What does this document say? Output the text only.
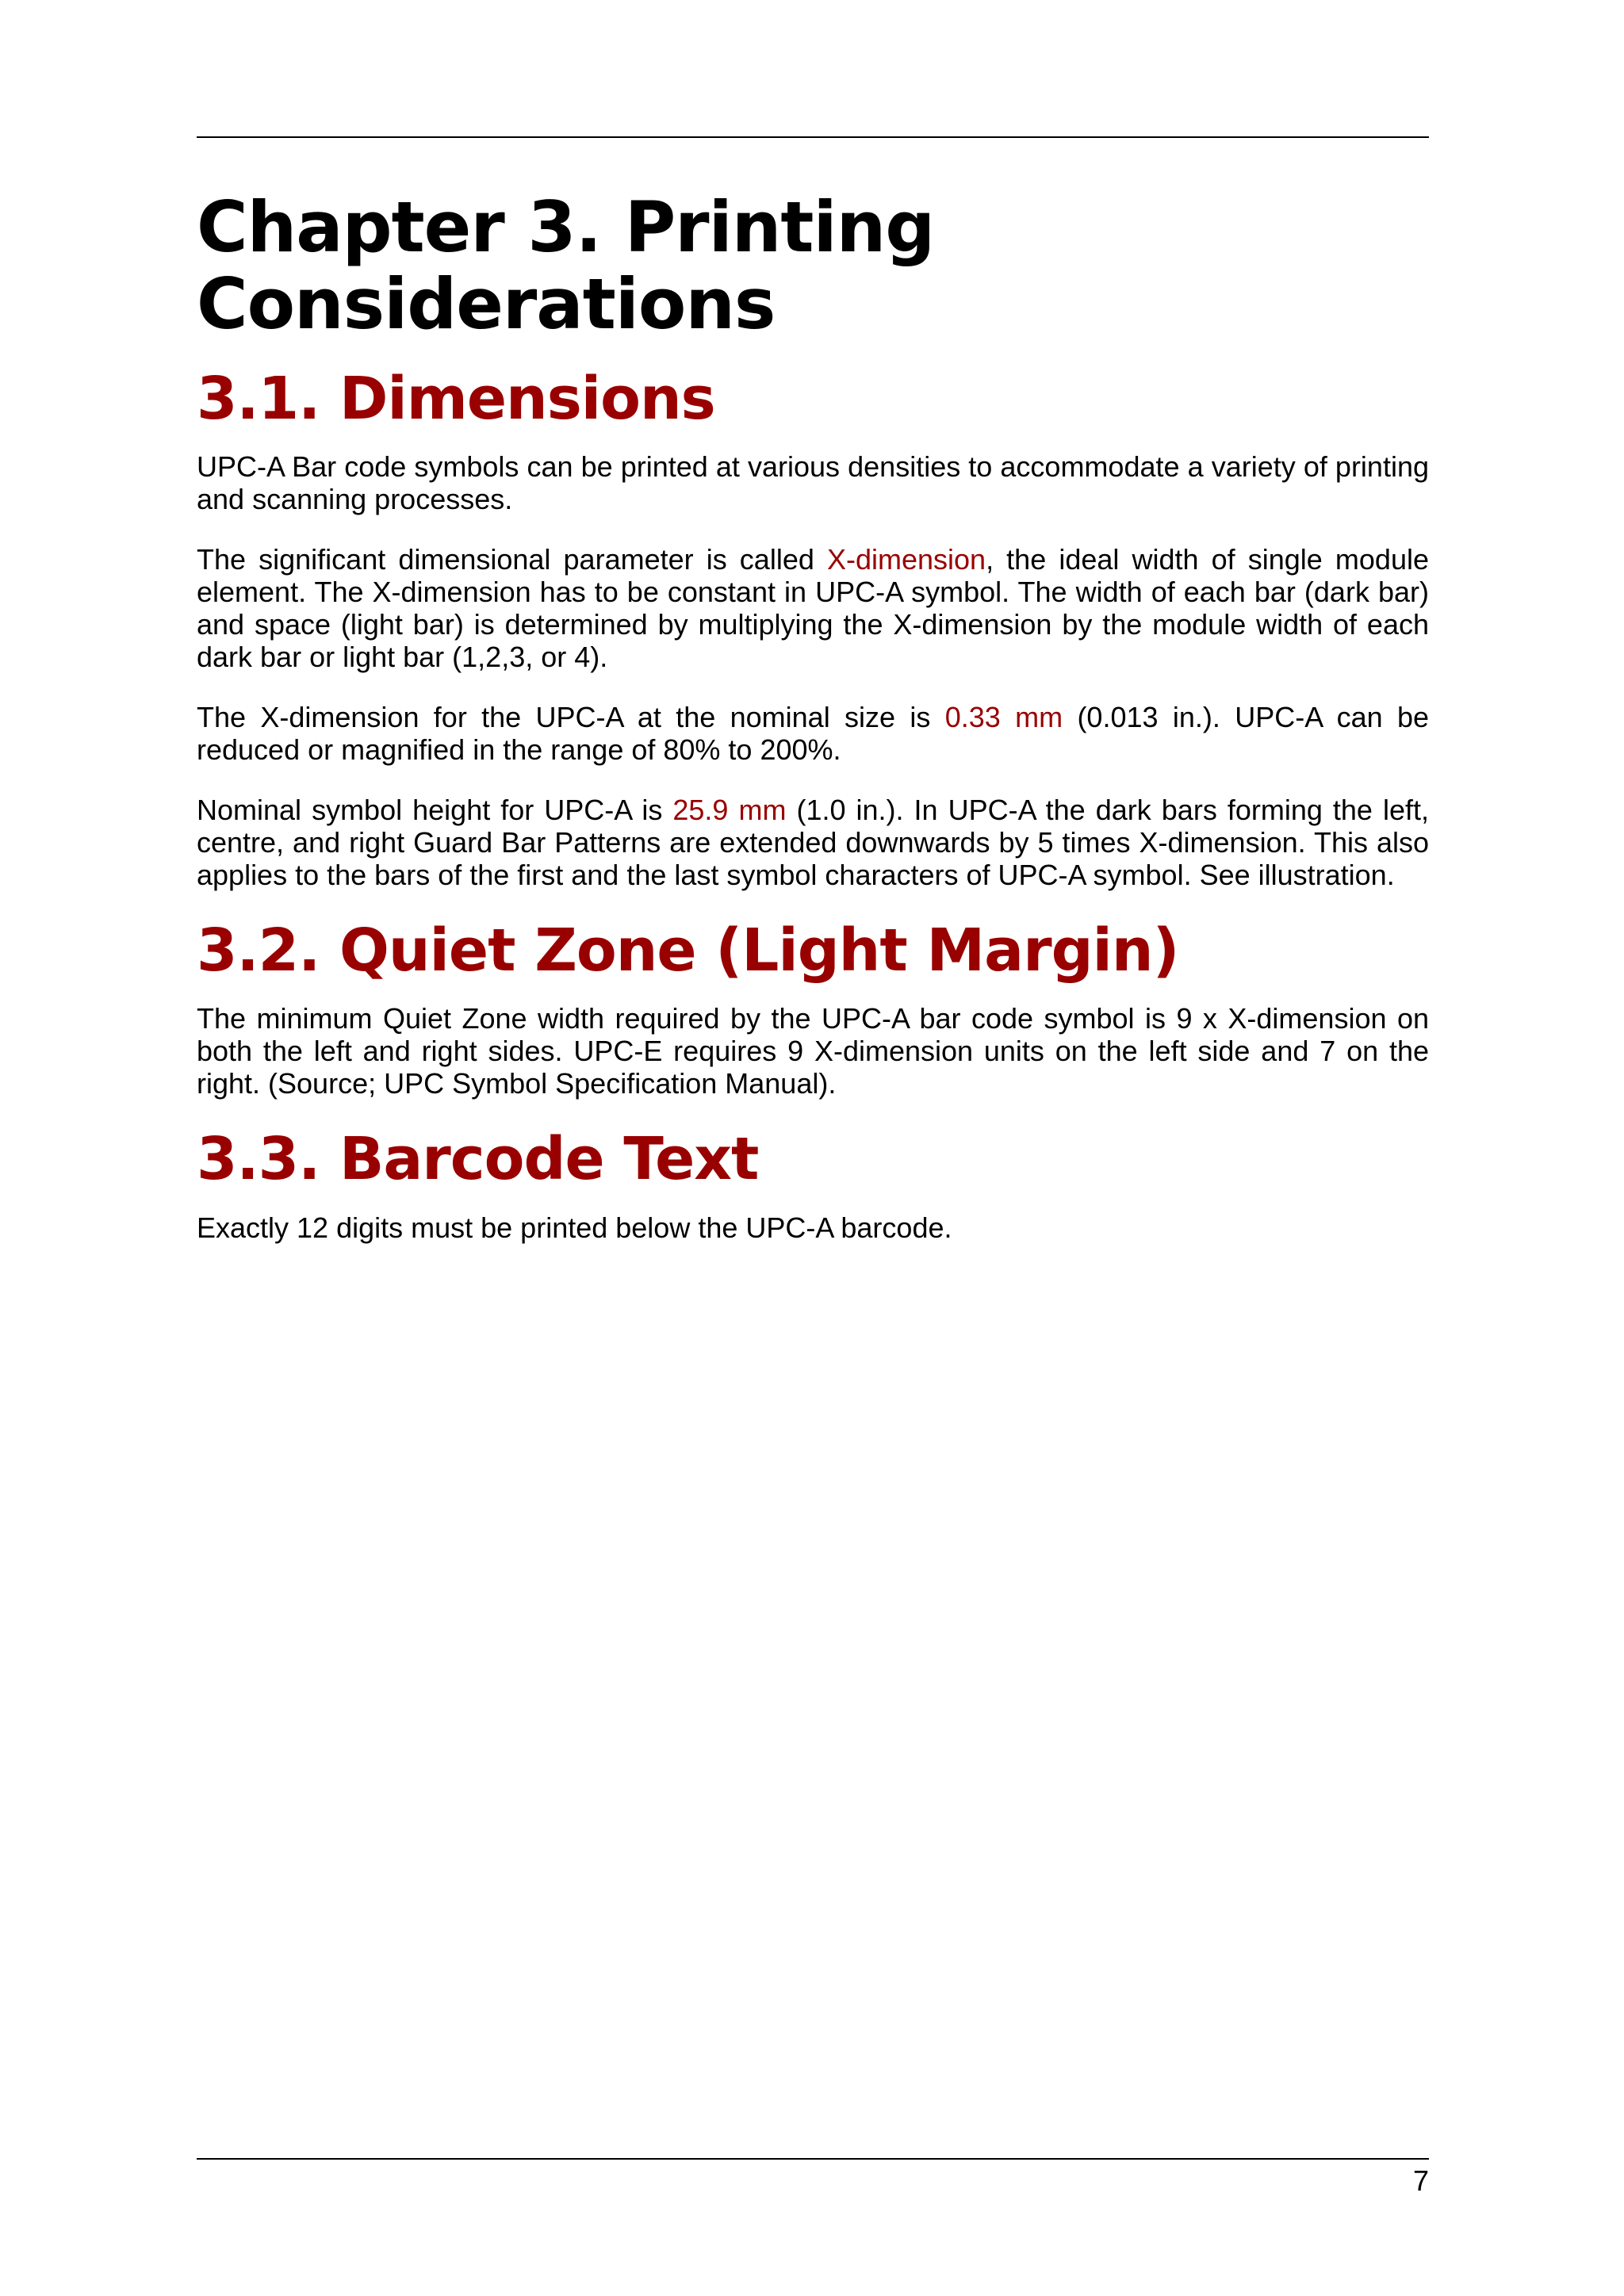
Chapter 3. Printing Considerations
3.1. Dimensions

UPC-A Bar code symbols can be printed at various densities to accommodate a variety of printing and scanning processes.

The significant dimensional parameter is called X-dimension, the ideal width of single module element. The X-dimension has to be constant in UPC-A symbol. The width of each bar (dark bar) and space (light bar) is determined by multiplying the X-dimension by the module width of each dark bar or light bar (1,2,3, or 4).

The X-dimension for the UPC-A at the nominal size is 0.33 mm (0.013 in.). UPC-A can be reduced or magnified in the range of 80% to 200%.

Nominal symbol height for UPC-A is 25.9 mm (1.0 in.). In UPC-A the dark bars forming the left, centre, and right Guard Bar Patterns are extended downwards by 5 times X-dimension. This also applies to the bars of the first and the last symbol characters of UPC-A symbol. See illustration.

3.2. Quiet Zone (Light Margin)

The minimum Quiet Zone width required by the UPC-A bar code symbol is 9 x X-dimension on both the left and right sides. UPC-E requires 9 X-dimension units on the left side and 7 on the right. (Source; UPC Symbol Specification Manual).

3.3. Barcode Text

Exactly 12 digits must be printed below the UPC-A barcode.

7
